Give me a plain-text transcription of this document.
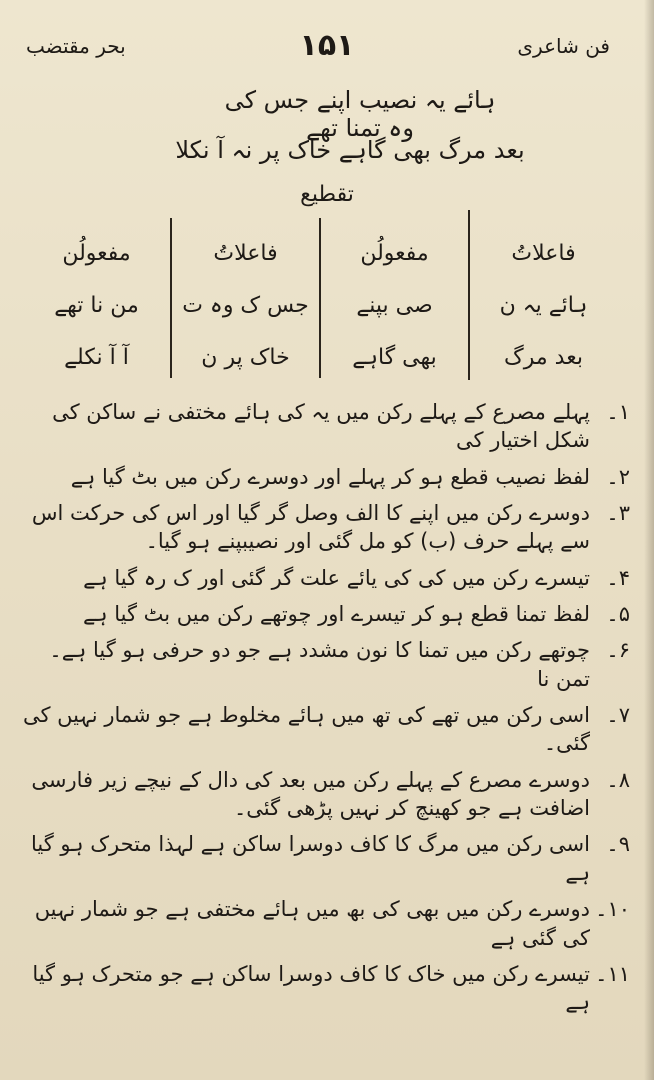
فن شاعری
۱۵۱
بحر مقتضب
ہائے یہ نصیب اپنے جس کی وہ تمنا تھے
بعد مرگ بھی گاہے خاک پر نہ آ نکلا
تقطیع
فاعلاتُ
ہائے یہ ن
بعد مرگ
مفعولُن
صی بپنے
بھی گاہے
فاعلاتُ
جس ک وہ ت
خاک پر ن
مفعولُن
من نا تھے
آ آ نکلے
۱۔
پہلے مصرع کے پہلے رکن میں یہ کی ہائے مختفی نے ساکن کی شکل اختیار کی
۲۔
لفظ نصیب قطع ہو کر پہلے اور دوسرے رکن میں بٹ گیا ہے
۳۔
دوسرے رکن میں اپنے کا الف وصل گر گیا اور اس کی حرکت اس سے پہلے حرف (ب) کو مل گئی اور نصیبپنے ہو گیا۔
۴۔
تیسرے رکن میں کی کی یائے علت گر گئی اور ک رہ گیا ہے
۵۔
لفظ تمنا قطع ہو کر تیسرے اور چوتھے رکن میں بٹ گیا ہے
۶۔
چوتھے رکن میں تمنا کا نون مشدد ہے جو دو حرفی ہو گیا ہے۔ تمن نا
۷۔
اسی رکن میں تھے کی تھ میں ہائے مخلوط ہے جو شمار نہیں کی گئی۔
۸۔
دوسرے مصرع کے پہلے رکن میں بعد کی دال کے نیچے زیر فارسی اضافت ہے جو کھینچ کر نہیں پڑھی گئی۔
۹۔
اسی رکن میں مرگ کا کاف دوسرا ساکن ہے لہذا متحرک ہو گیا ہے
۱۰۔
دوسرے رکن میں بھی کی بھ میں ہائے مختفی ہے جو شمار نہیں کی گئی ہے
۱۱۔
تیسرے رکن میں خاک کا کاف دوسرا ساکن ہے جو متحرک ہو گیا ہے
